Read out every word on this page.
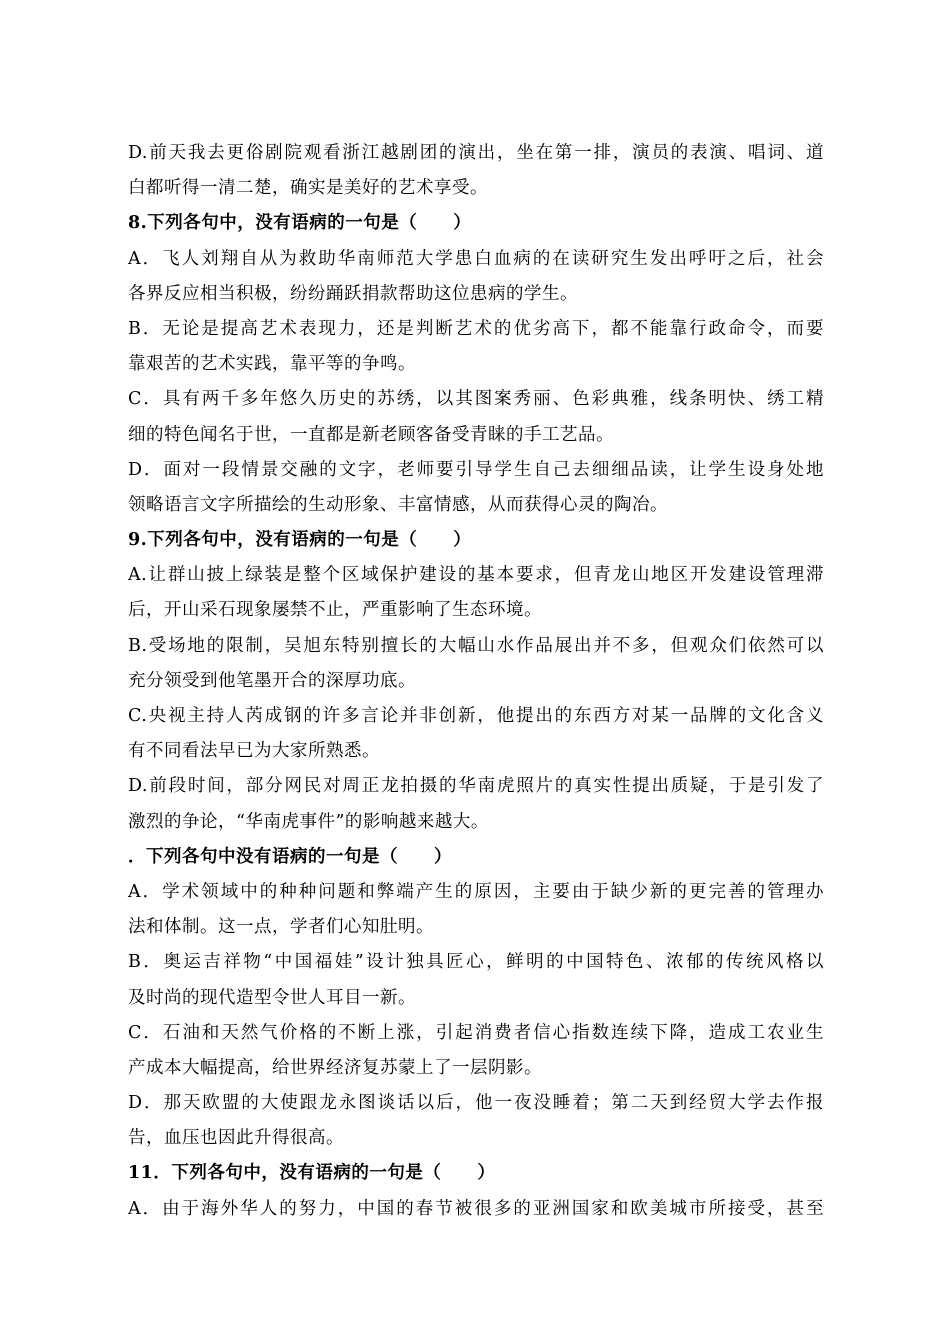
D.前天我去更俗剧院观看浙江越剧团的演出，坐在第一排，演员的表演、唱词、道
白都听得一清二楚，确实是美好的艺术享受。
8.下列各句中，没有语病的一句是（　　）
A．飞人刘翔自从为救助华南师范大学患白血病的在读研究生发出呼吁之后，社会
各界反应相当积极，纷纷踊跃捐款帮助这位患病的学生。
B．无论是提高艺术表现力，还是判断艺术的优劣高下，都不能靠行政命令，而要
靠艰苦的艺术实践，靠平等的争鸣。
C．具有两千多年悠久历史的苏绣，以其图案秀丽、色彩典雅，线条明快、绣工精
细的特色闻名于世，一直都是新老顾客备受青睐的手工艺品。
D．面对一段情景交融的文字，老师要引导学生自己去细细品读，让学生设身处地
领略语言文字所描绘的生动形象、丰富情感，从而获得心灵的陶冶。
9.下列各句中，没有语病的一句是（　　）
A.让群山披上绿装是整个区域保护建设的基本要求，但青龙山地区开发建设管理滞
后，开山采石现象屡禁不止，严重影响了生态环境。
B.受场地的限制，吴旭东特别擅长的大幅山水作品展出并不多，但观众们依然可以
充分领受到他笔墨开合的深厚功底。
C.央视主持人芮成钢的许多言论并非创新，他提出的东西方对某一品牌的文化含义
有不同看法早已为大家所熟悉。
D.前段时间，部分网民对周正龙拍摄的华南虎照片的真实性提出质疑，于是引发了
激烈的争论，“华南虎事件”的影响越来越大。
．下列各句中没有语病的一句是（　　）
A．学术领域中的种种问题和弊端产生的原因，主要由于缺少新的更完善的管理办
法和体制。这一点，学者们心知肚明。
B．奥运吉祥物“中国福娃”设计独具匠心，鲜明的中国特色、浓郁的传统风格以
及时尚的现代造型令世人耳目一新。
C．石油和天然气价格的不断上涨，引起消费者信心指数连续下降，造成工农业生
产成本大幅提高，给世界经济复苏蒙上了一层阴影。
D．那天欧盟的大使跟龙永图谈话以后，他一夜没睡着；第二天到经贸大学去作报
告，血压也因此升得很高。
11．下列各句中，没有语病的一句是（　　）
A．由于海外华人的努力，中国的春节被很多的亚洲国家和欧美城市所接受，甚至
